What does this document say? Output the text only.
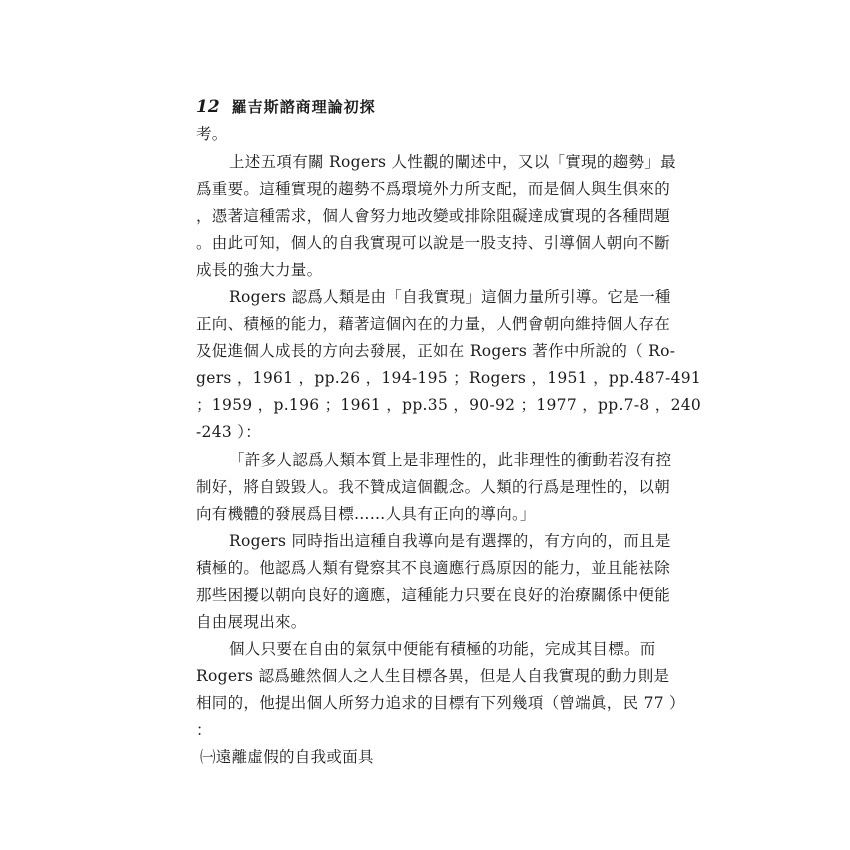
12 羅吉斯諮商理論初探
考。
上述五項有關 Rogers 人性觀的闡述中，又以「實現的趨勢」最
爲重要。這種實現的趨勢不爲環境外力所支配，而是個人與生俱來的
，憑著這種需求，個人會努力地改變或排除阻礙達成實現的各種問題
。由此可知，個人的自我實現可以說是一股支持、引導個人朝向不斷
成長的強大力量。
Rogers 認爲人類是由「自我實現」這個力量所引導。它是一種
正向、積極的能力，藉著這個內在的力量，人們會朝向維持個人存在
及促進個人成長的方向去發展，正如在 Rogers 著作中所說的（ Ro-
gers ，1961 ，pp.26 ，194-195 ；Rogers ，1951 ，pp.487-491
；1959 ，p.196 ；1961 ，pp.35 ，90-92 ；1977 ，pp.7-8 ，240
-243 ）：
「許多人認爲人類本質上是非理性的，此非理性的衝動若沒有控
制好，將自毀毀人。我不贊成這個觀念。人類的行爲是理性的，以朝
向有機體的發展爲目標……人具有正向的導向。」
Rogers 同時指出這種自我導向是有選擇的，有方向的，而且是
積極的。他認爲人類有覺察其不良適應行爲原因的能力，並且能袪除
那些困擾以朝向良好的適應，這種能力只要在良好的治療關係中便能
自由展現出來。
個人只要在自由的氣氛中便能有積極的功能，完成其目標。而
Rogers 認爲雖然個人之人生目標各異，但是人自我實現的動力則是
相同的，他提出個人所努力追求的目標有下列幾項（曾端眞，民 77 ）
：
㈠遠離虛假的自我或面具
